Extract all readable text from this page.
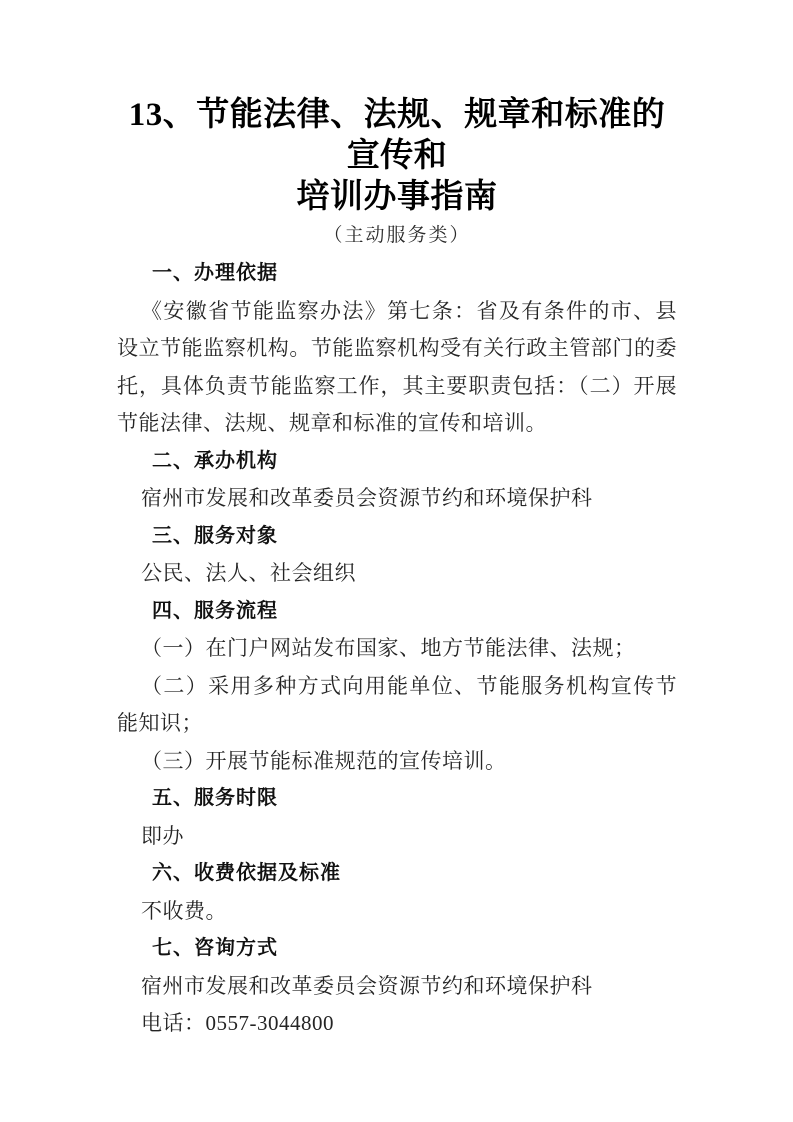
13、节能法律、法规、规章和标准的宣传和
培训办事指南
（主动服务类）
一、办理依据

《安徽省节能监察办法》第七条：省及有条件的市、县设立节能监察机构。节能监察机构受有关行政主管部门的委托，具体负责节能监察工作，其主要职责包括：（二）开展节能法律、法规、规章和标准的宣传和培训。

二、承办机构

宿州市发展和改革委员会资源节约和环境保护科

三、服务对象

公民、法人、社会组织

四、服务流程

（一）在门户网站发布国家、地方节能法律、法规；

（二）采用多种方式向用能单位、节能服务机构宣传节能知识；

（三）开展节能标准规范的宣传培训。

五、服务时限

即办

六、收费依据及标准

不收费。

七、咨询方式

宿州市发展和改革委员会资源节约和环境保护科

电话：0557-3044800
